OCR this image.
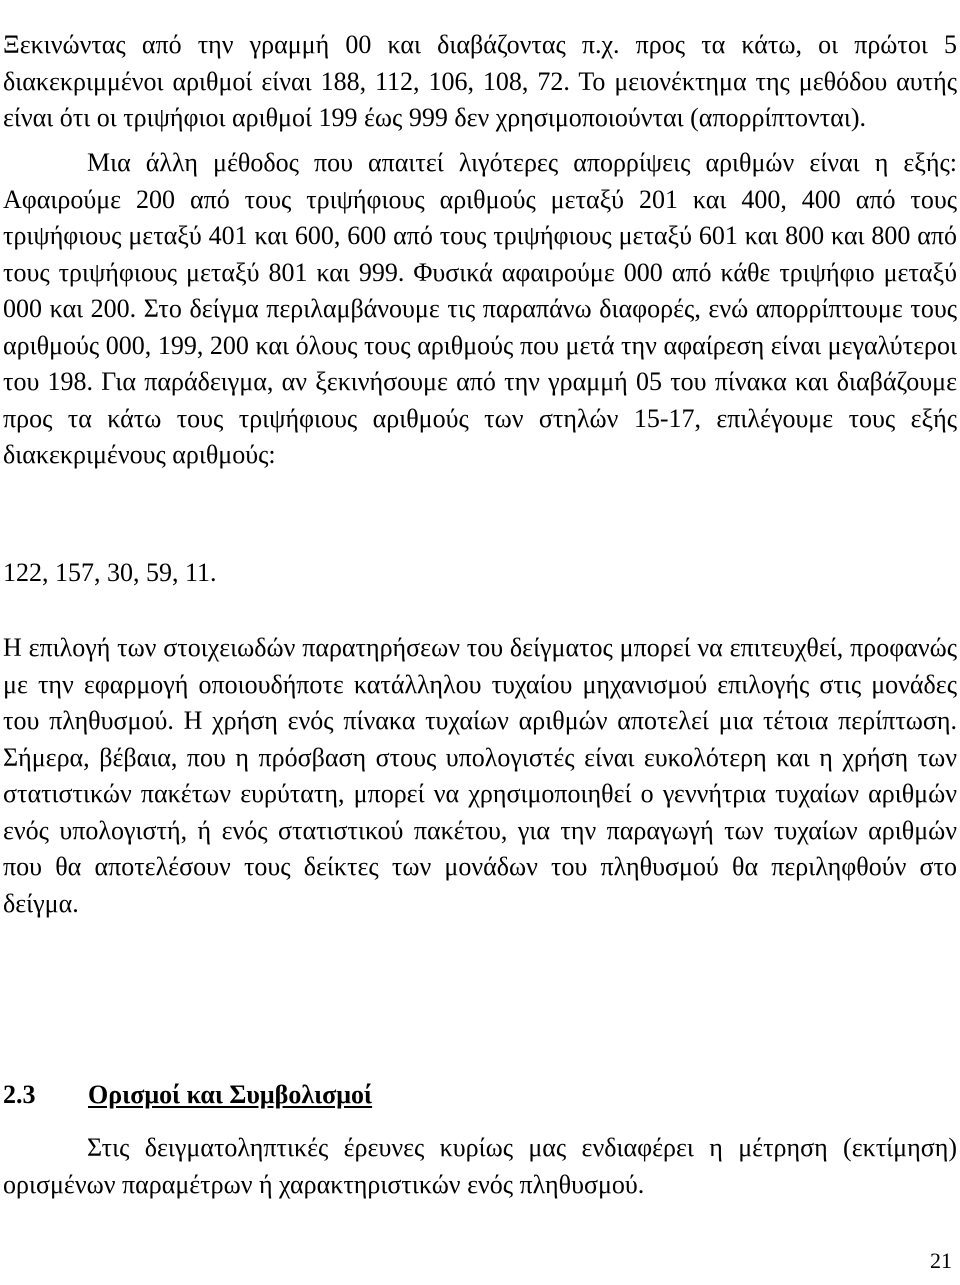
Ξεκινώντας από την γραμμή 00 και διαβάζοντας π.χ. προς τα κάτω, οι πρώτοι 5 διακεκριμμένοι αριθμοί είναι 188, 112, 106, 108, 72. Το μειονέκτημα της μεθόδου αυτής είναι ότι οι τριψήφιοι αριθμοί 199 έως 999 δεν χρησιμοποιούνται (απορρίπτονται).

Μια άλλη μέθοδος που απαιτεί λιγότερες απορρίψεις αριθμών είναι η εξής: Αφαιρούμε 200 από τους τριψήφιους αριθμούς μεταξύ 201 και 400, 400 από τους τριψήφιους μεταξύ 401 και 600, 600 από τους τριψήφιους μεταξύ 601 και 800 και 800 από τους τριψήφιους μεταξύ 801 και 999. Φυσικά αφαιρούμε 000 από κάθε τριψήφιο μεταξύ 000 και 200. Στο δείγμα περιλαμβάνουμε τις παραπάνω διαφορές, ενώ απορρίπτουμε τους αριθμούς 000, 199, 200 και όλους τους αριθμούς που μετά την αφαίρεση είναι μεγαλύτεροι του 198. Για παράδειγμα, αν ξεκινήσουμε από την γραμμή 05 του πίνακα και διαβάζουμε προς τα κάτω τους τριψήφιους αριθμούς των στηλών 15-17, επιλέγουμε τους εξής διακεκριμένους αριθμούς:

122, 157, 30, 59, 11.

Η επιλογή των στοιχειωδών παρατηρήσεων του δείγματος μπορεί να επιτευχθεί, προφανώς με την εφαρμογή οποιουδήποτε κατάλληλου τυχαίου μηχανισμού επιλογής στις μονάδες του πληθυσμού. Η χρήση ενός πίνακα τυχαίων αριθμών αποτελεί μια τέτοια περίπτωση. Σήμερα, βέβαια, που η πρόσβαση στους υπολογιστές είναι ευκολότερη και η χρήση των στατιστικών πακέτων ευρύτατη, μπορεί να χρησιμοποιηθεί ο γεννήτρια τυχαίων αριθμών ενός υπολογιστή, ή ενός στατιστικού πακέτου, για την παραγωγή των τυχαίων αριθμών που θα αποτελέσουν τους δείκτες των μονάδων του πληθυσμού θα περιληφθούν στο δείγμα.

2.3 Ορισμοί και Συμβολισμοί

Στις δειγματοληπτικές έρευνες κυρίως μας ενδιαφέρει η μέτρηση (εκτίμηση) ορισμένων παραμέτρων ή χαρακτηριστικών ενός πληθυσμού.

21
